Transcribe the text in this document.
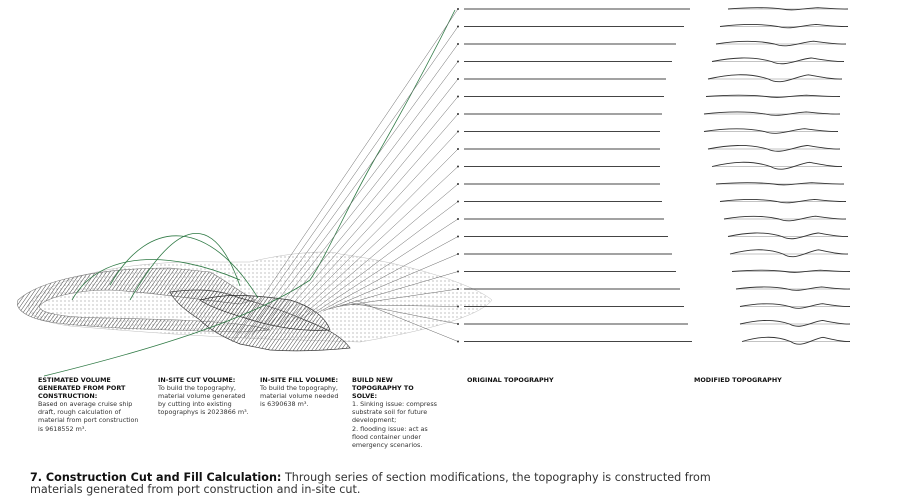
ESTIMATED VOLUME GENERATED FROM PORT CONSTRUCTION:
Based on average cruise ship draft, rough calculation of material from port construction is 9618552 m³.
IN-SITE CUT VOLUME:
To build the topography, material volume generated by cutting into existing topographys is 2023866 m³.
IN-SITE FILL VOLUME:
To build the topography, material volume needed is 6390638 m³.
BUILD NEW TOPOGRAPHY TO SOLVE:
1. Sinking issue: compress substrate soil for future development;
2. flooding issue: act as flood container under emergency scenarios.
ORIGINAL TOPOGRAPHY	MODIFIED TOPOGRAPHY
7. Construction Cut and Fill Calculation: Through series of section modifications, the topography is constructed from materials generated from port construction and in-site cut.
